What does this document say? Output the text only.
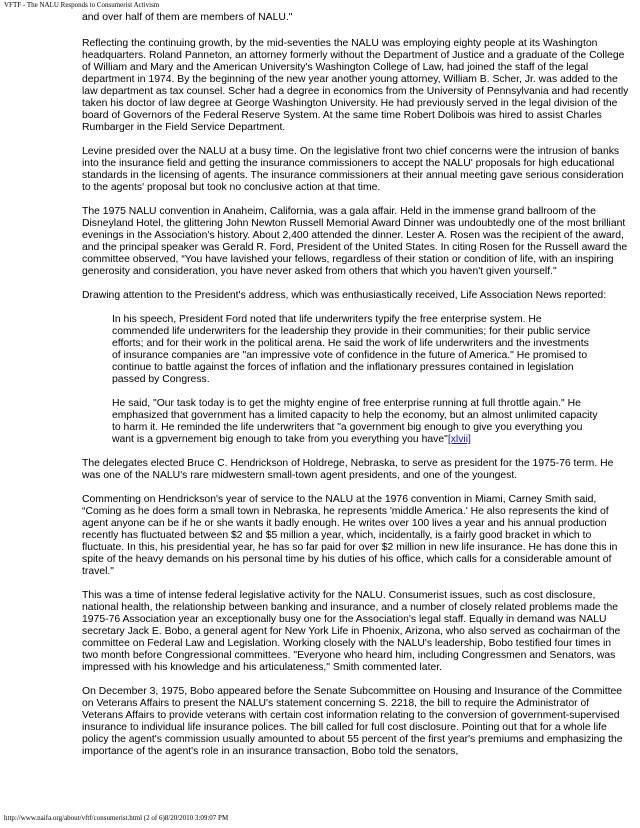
VFTF - The NALU Responds to Consumerist Activism

and over half of them are members of NALU."

Reflecting the continuing growth, by the mid-seventies the NALU was employing eighty people at its Washington headquarters. Roland Panneton, an attorney formerly without the Department of Justice and a graduate of the College of William and Mary and the American University's Washington College of Law, had joined the staff of the legal department in 1974. By the beginning of the new year another young attorney, William B. Scher, Jr. was added to the law department as tax counsel. Scher had a degree in economics from the University of Pennsylvania and had recently taken his doctor of law degree at George Washington University. He had previously served in the legal division of the board of Governors of the Federal Reserve System. At the same time Robert Dolibois was hired to assist Charles Rumbarger in the Field Service Department.

Levine presided over the NALU at a busy time. On the legislative front two chief concerns were the intrusion of banks into the insurance field and getting the insurance commissioners to accept the NALU' proposals for high educational standards in the licensing of agents. The insurance commissioners at their annual meeting gave serious consideration to the agents' proposal but took no conclusive action at that time.

The 1975 NALU convention in Anaheim, California, was a gala affair. Held in the immense grand ballroom of the Disneyland Hotel, the glittering John Newton Russell Memorial Award Dinner was undoubtedly one of the most brilliant evenings in the Association's history. About 2,400 attended the dinner. Lester A. Rosen was the recipient of the award, and the principal speaker was Gerald R. Ford, President of the United States. In citing Rosen for the Russell award the committee observed, “You have lavished your fellows, regardless of their station or condition of life, with an inspiring generosity and consideration, you have never asked from others that which you haven't given yourself."

Drawing attention to the President's address, which was enthusiastically received, Life Association News reported:

In his speech, President Ford noted that life underwriters typify the free enterprise system. He commended life underwriters for the leadership they provide in their communities; for their public service efforts; and for their work in the political arena. He said the work of life underwriters and the investments of insurance companies are "an impressive vote of confidence in the future of America." He promised to continue to battle against the forces of inflation and the inflationary pressures contained in legislation passed by Congress.

He said, "Our task today is to get the mighty engine of free enterprise running at full throttle again." He emphasized that government has a limited capacity to help the economy, but an almost unlimited capacity to harm it. He reminded the life underwriters that "a government big enough to give you everything you want is a gpvernement big enough to take from you everything you have"[xlvii]

The delegates elected Bruce C. Hendrickson of Holdrege, Nebraska, to serve as president for the 1975-76 term. He was one of the NALU's rare midwestern small-town agent presidents, and one of the youngest.

Commenting on Hendrickson's year of service to the NALU at the 1976 convention in Miami, Carney Smith said, “Coming as he does form a small town in Nebraska, he represents 'middle America.' He also represents the kind of agent anyone can be if he or she wants it badly enough. He writes over 100 lives a year and his annual production recently has fluctuated between $2 and $5 million a year, which, incidentally, is a fairly good bracket in which to fluctuate. In this, his presidential year, he has so far paid for over $2 million in new life insurance. He has done this in spite of the heavy demands on his personal time by his duties of his office, which calls for a considerable amount of travel."

This was a time of intense federal legislative activity for the NALU. Consumerist issues, such as cost disclosure, national health, the relationship between banking and insurance, and a number of closely related problems made the 1975-76 Association year an exceptionally busy one for the Association's legal staff. Equally in demand was NALU secretary Jack E. Bobo, a general agent for New York Life in Phoenix, Arizona, who also served as cochairman of the committee on Federal Law and Legislation. Working closely with the NALU's leadership, Bobo testified four times in two month before Congressional committees. "Everyone who heard him, including Congressmen and Senators, was impressed with his knowledge and his articulateness," Smith commented later.

On December 3, 1975, Bobo appeared before the Senate Subcommittee on Housing and Insurance of the Committee on Veterans Affairs to present the NALU's statement concerning S. 2218, the bill to require the Administrator of Veterans Affairs to provide veterans with certain cost information relating to the conversion of government-supervised insurance to individual life insurance polices. The bill called for full cost disclosure. Pointing out that for a whole life policy the agent's commission usually amounted to about 55 percent of the first year's premiums and emphasizing the importance of the agent's role in an insurance transaction, Bobo told the senators,

http://www.naifa.org/about/vftf/consumerist.html (2 of 6)8/20/2010 3:09:07 PM
